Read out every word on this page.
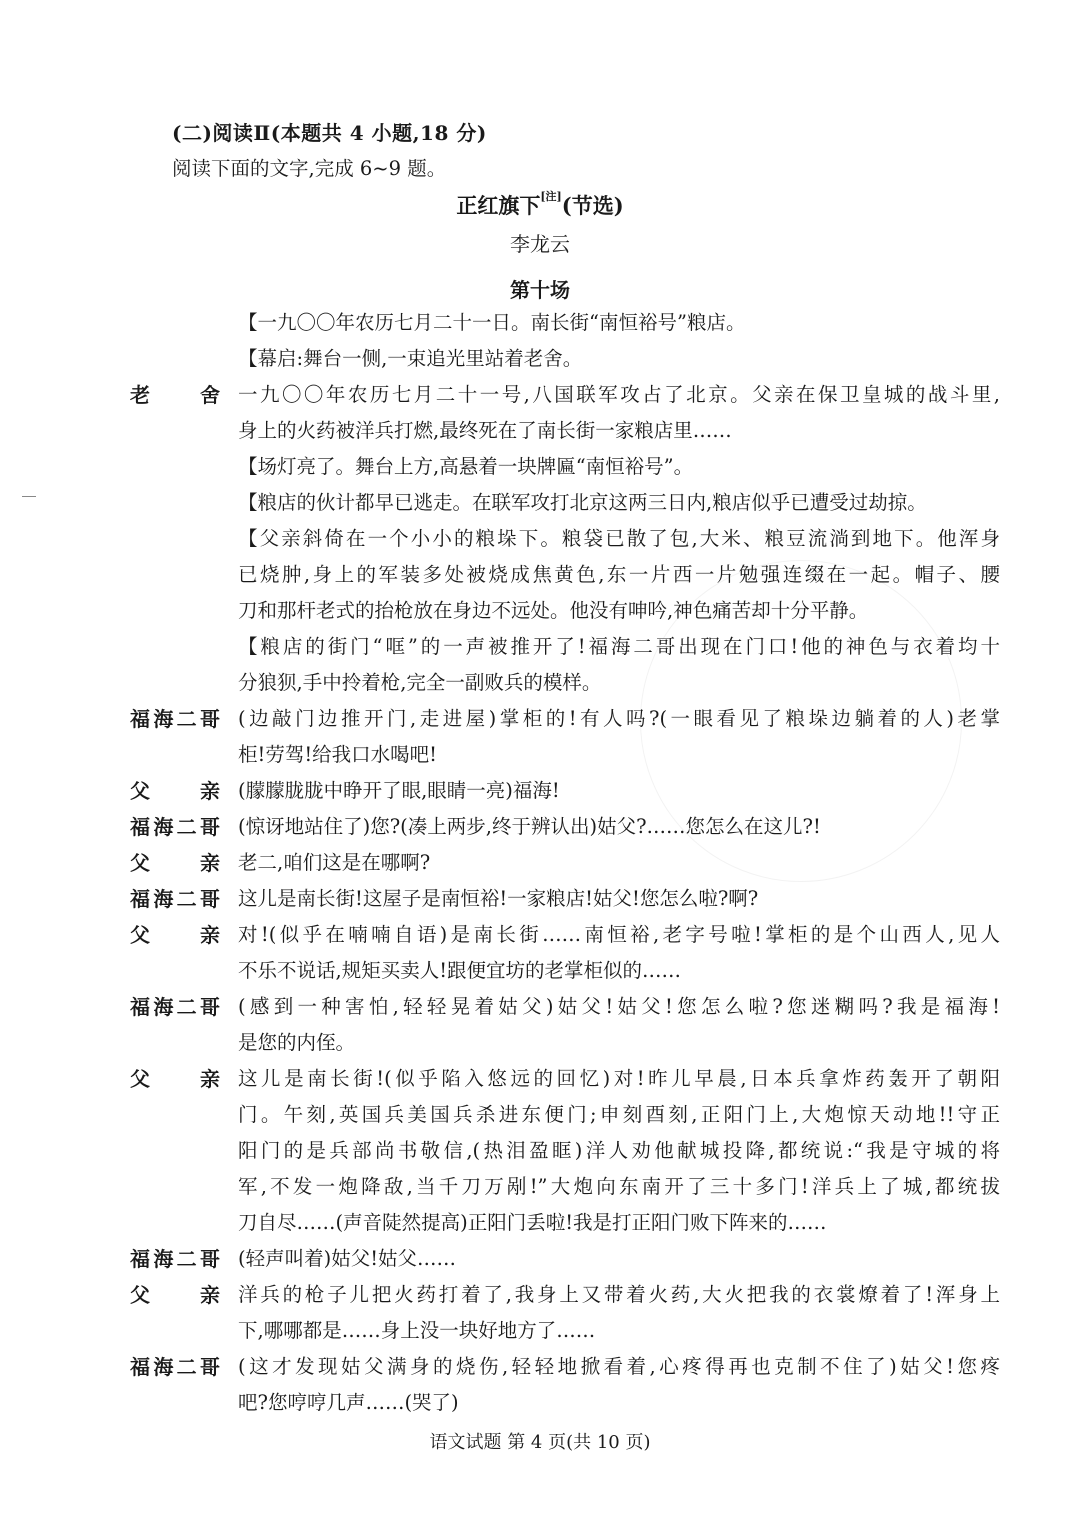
(二)阅读Ⅱ(本题共 4 小题,18 分)
阅读下面的文字,完成 6~9 题。
正红旗下[注](节选)
李龙云
第十场
【一九〇〇年农历七月二十一日。南长街“南恒裕号”粮店。
【幕启:舞台一侧,一束追光里站着老舍。
老	舍 一九〇〇年农历七月二十一号,八国联军攻占了北京。父亲在保卫皇城的战斗里,
身上的火药被洋兵打燃,最终死在了南长街一家粮店里……
【场灯亮了。舞台上方,高悬着一块牌匾“南恒裕号”。
【粮店的伙计都早已逃走。在联军攻打北京这两三日内,粮店似乎已遭受过劫掠。
【父亲斜倚在一个小小的粮垛下。粮袋已散了包,大米、粮豆流淌到地下。他浑身
已烧肿,身上的军装多处被烧成焦黄色,东一片西一片勉强连缀在一起。帽子、腰
刀和那杆老式的抬枪放在身边不远处。他没有呻吟,神色痛苦却十分平静。
【粮店的街门“哐”的一声被推开了!福海二哥出现在门口!他的神色与衣着均十
分狼狈,手中拎着枪,完全一副败兵的模样。
福 海 二 哥 (边敲门边推开门,走进屋)掌柜的!有人吗?(一眼看见了粮垛边躺着的人)老掌
柜!劳驾!给我口水喝吧!
父	亲 (朦朦胧胧中睁开了眼,眼睛一亮)福海!
福 海 二 哥 (惊讶地站住了)您?(凑上两步,终于辨认出)姑父?……您怎么在这儿?!
父	亲 老二,咱们这是在哪啊?
福 海 二 哥 这儿是南长街!这屋子是南恒裕!一家粮店!姑父!您怎么啦?啊?
父	亲 对!(似乎在喃喃自语)是南长街……南恒裕,老字号啦!掌柜的是个山西人,见人
不乐不说话,规矩买卖人!跟便宜坊的老掌柜似的……
福 海 二 哥 (感到一种害怕,轻轻晃着姑父)姑父!姑父!您怎么啦?您迷糊吗?我是福海!
是您的内侄。
父	亲 这儿是南长街!(似乎陷入悠远的回忆)对!昨儿早晨,日本兵拿炸药轰开了朝阳
门。午刻,英国兵美国兵杀进东便门;申刻酉刻,正阳门上,大炮惊天动地!!守正
阳门的是兵部尚书敬信,(热泪盈眶)洋人劝他献城投降,都统说:“我是守城的将
军,不发一炮降敌,当千刀万剐!”大炮向东南开了三十多门!洋兵上了城,都统拔
刀自尽……(声音陡然提高)正阳门丢啦!我是打正阳门败下阵来的……
福 海 二 哥 (轻声叫着)姑父!姑父……
父	亲 洋兵的枪子儿把火药打着了,我身上又带着火药,大火把我的衣裳燎着了!浑身上
下,哪哪都是……身上没一块好地方了……
福 海 二 哥 (这才发现姑父满身的烧伤,轻轻地掀看着,心疼得再也克制不住了)姑父!您疼
吧?您哼哼几声……(哭了)
语文试题 第 4 页(共 10 页)
